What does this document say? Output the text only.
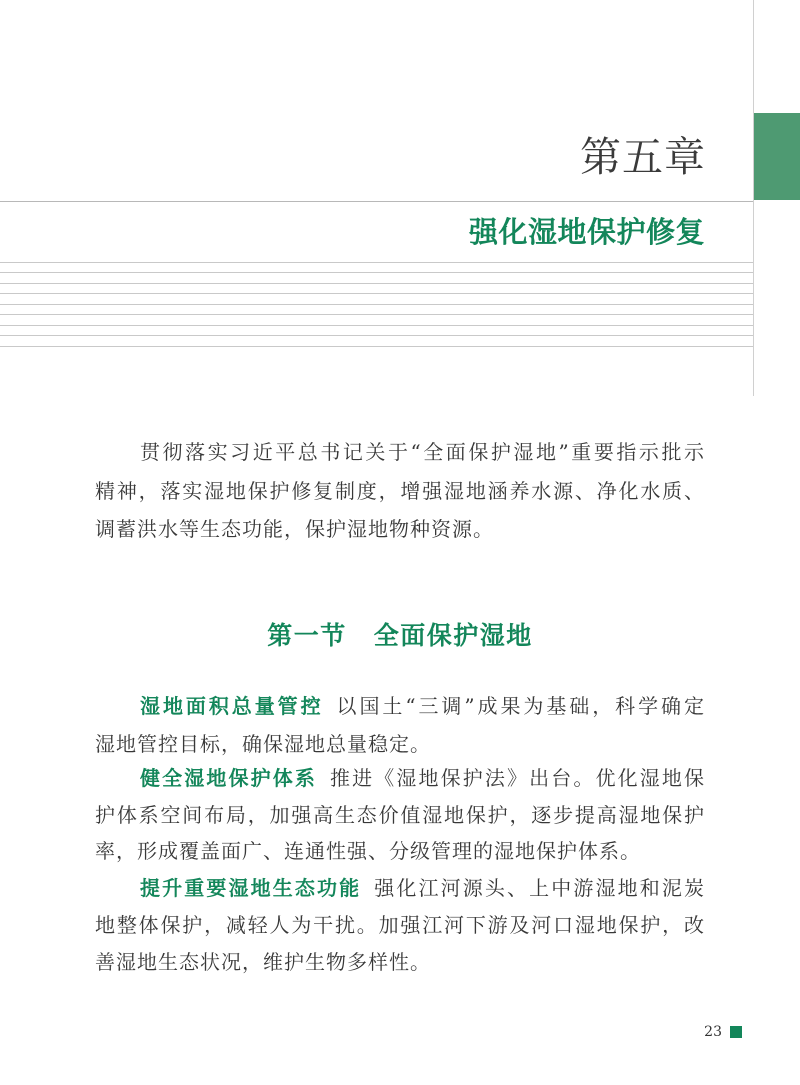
第五章
强化湿地保护修复
贯彻落实习近平总书记关于“全面保护湿地”重要指示批示
精神，落实湿地保护修复制度，增强湿地涵养水源、净化水质、
调蓄洪水等生态功能，保护湿地物种资源。
第一节 全面保护湿地
湿地面积总量管控 以国土“三调”成果为基础，科学确定
湿地管控目标，确保湿地总量稳定。
健全湿地保护体系 推进《湿地保护法》出台。优化湿地保
护体系空间布局，加强高生态价值湿地保护，逐步提高湿地保护
率，形成覆盖面广、连通性强、分级管理的湿地保护体系。
提升重要湿地生态功能 强化江河源头、上中游湿地和泥炭
地整体保护，减轻人为干扰。加强江河下游及河口湿地保护，改
善湿地生态状况，维护生物多样性。
23
